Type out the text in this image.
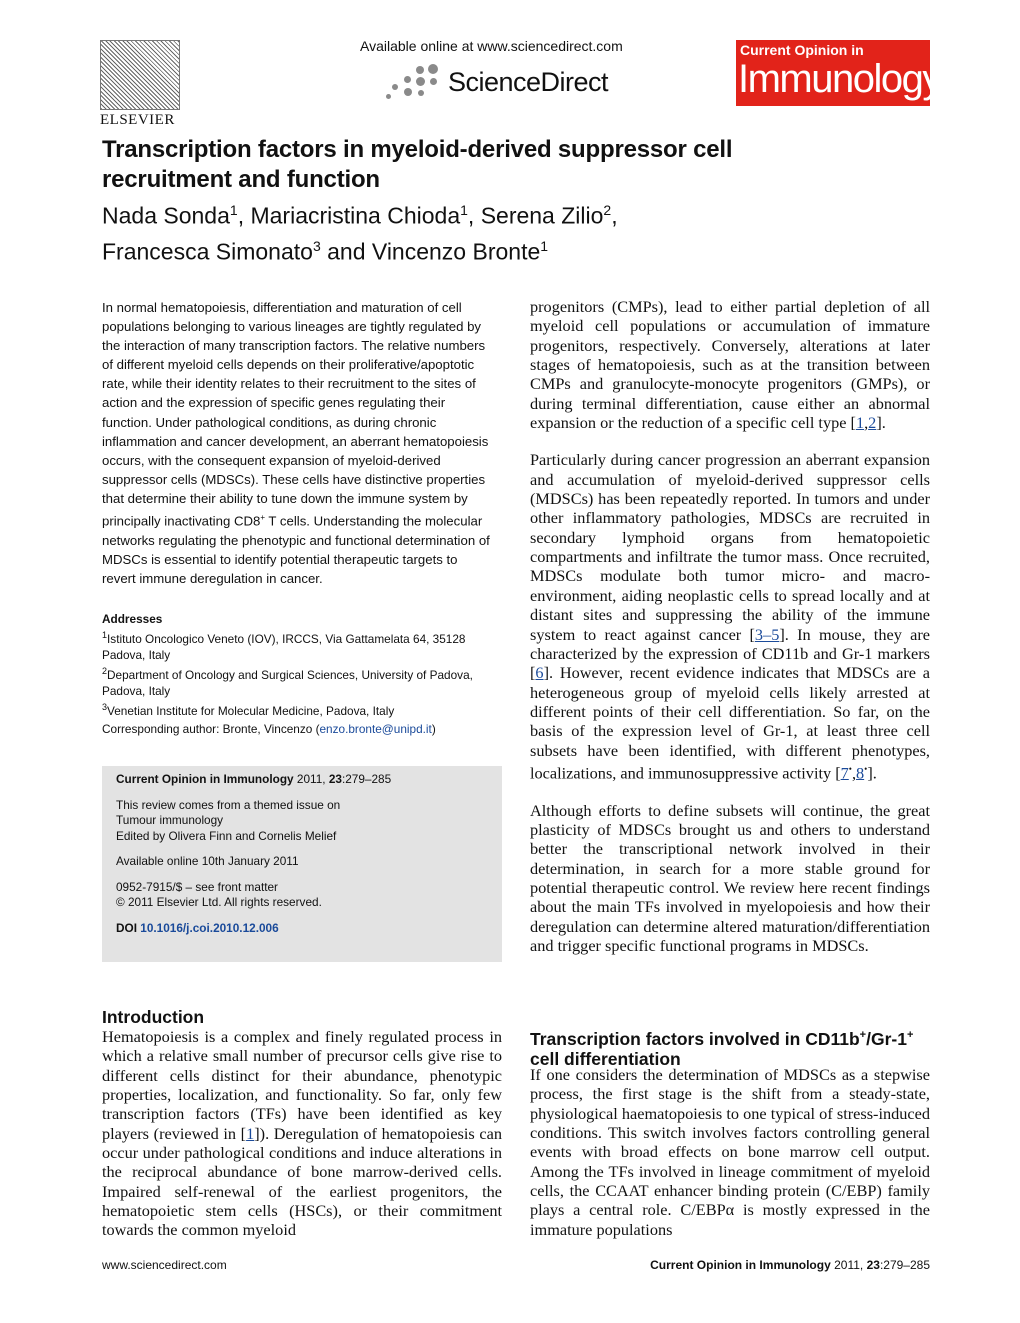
ELSEVIER
Available online at www.sciencedirect.com
ScienceDirect
Current Opinion in
Immunology
Transcription factors in myeloid-derived suppressor cell recruitment and function
Nada Sonda$^1$, Mariacristina Chioda$^1$, Serena Zilio$^2$,
Francesca Simonato$^3$ and Vincenzo Bronte$^1$
In normal hematopoiesis, differentiation and maturation of cell populations belonging to various lineages are tightly regulated by the interaction of many transcription factors. The relative numbers of different myeloid cells depends on their proliferative/apoptotic rate, while their identity relates to their recruitment to the sites of action and the expression of specific genes regulating their function. Under pathological conditions, as during chronic inflammation and cancer development, an aberrant hematopoiesis occurs, with the consequent expansion of myeloid-derived suppressor cells (MDSCs). These cells have distinctive properties that determine their ability to tune down the immune system by principally inactivating CD8+ T cells. Understanding the molecular networks regulating the phenotypic and functional determination of MDSCs is essential to identify potential therapeutic targets to revert immune deregulation in cancer.
Addresses
$^1$Istituto Oncologico Veneto (IOV), IRCCS, Via Gattamelata 64, 35128
Padova, Italy
$^2$Department of Oncology and Surgical Sciences, University of Padova,
Padova, Italy
$^3$Venetian Institute for Molecular Medicine, Padova, Italy
Corresponding author: Bronte, Vincenzo (enzo.bronte@unipd.it)

Current Opinion in Immunology 2011, 23:279–285

This review comes from a themed issue on
Tumour immunology
Edited by Olivera Finn and Cornelis Melief

Available online 10th January 2011

0952-7915/$ – see front matter
© 2011 Elsevier Ltd. All rights reserved.

DOI 10.1016/j.coi.2010.12.006

Introduction

Hematopoiesis is a complex and finely regulated process in which a relative small number of precursor cells give rise to different cells distinct for their abundance, phenotypic properties, localization, and functionality. So far, only few transcription factors (TFs) have been identified as key players (reviewed in [1]). Deregulation of hematopoiesis can occur under pathological conditions and induce alterations in the reciprocal abundance of bone marrow-derived cells. Impaired self-renewal of the earliest progenitors, the hematopoietic stem cells (HSCs), or their commitment towards the common myeloid

progenitors (CMPs), lead to either partial depletion of all myeloid cell populations or accumulation of immature progenitors, respectively. Conversely, alterations at later stages of hematopoiesis, such as at the transition between CMPs and granulocyte-monocyte progenitors (GMPs), or during terminal differentiation, cause either an abnormal expansion or the reduction of a specific cell type [1,2].

Particularly during cancer progression an aberrant expansion and accumulation of myeloid-derived suppressor cells (MDSCs) has been repeatedly reported. In tumors and under other inflammatory pathologies, MDSCs are recruited in secondary lymphoid organs from hematopoietic compartments and infiltrate the tumor mass. Once recruited, MDSCs modulate both tumor micro- and macro-environment, aiding neoplastic cells to spread locally and at distant sites and suppressing the ability of the immune system to react against cancer [3–5]. In mouse, they are characterized by the expression of CD11b and Gr-1 markers [6]. However, recent evidence indicates that MDSCs are a heterogeneous group of myeloid cells likely arrested at different points of their cell differentiation. So far, on the basis of the expression level of Gr-1, at least three cell subsets have been identified, with different phenotypes, localizations, and immunosuppressive activity [7•,8•].

Although efforts to define subsets will continue, the great plasticity of MDSCs brought us and others to understand better the transcriptional network involved in their determination, in search for a more stable ground for potential therapeutic control. We review here recent findings about the main TFs involved in myelopoiesis and how their deregulation can determine altered maturation/differentiation and trigger specific functional programs in MDSCs.

Transcription factors involved in CD11b+/Gr-1+ cell differentiation

If one considers the determination of MDSCs as a stepwise process, the first stage is the shift from a steady-state, physiological haematopoiesis to one typical of stress-induced conditions. This switch involves factors controlling general events with broad effects on bone marrow cell output. Among the TFs involved in lineage commitment of myeloid cells, the CCAAT enhancer binding protein (C/EBP) family plays a central role. C/EBPα is mostly expressed in the immature populations

www.sciencedirect.com	Current Opinion in Immunology 2011, 23:279–285
